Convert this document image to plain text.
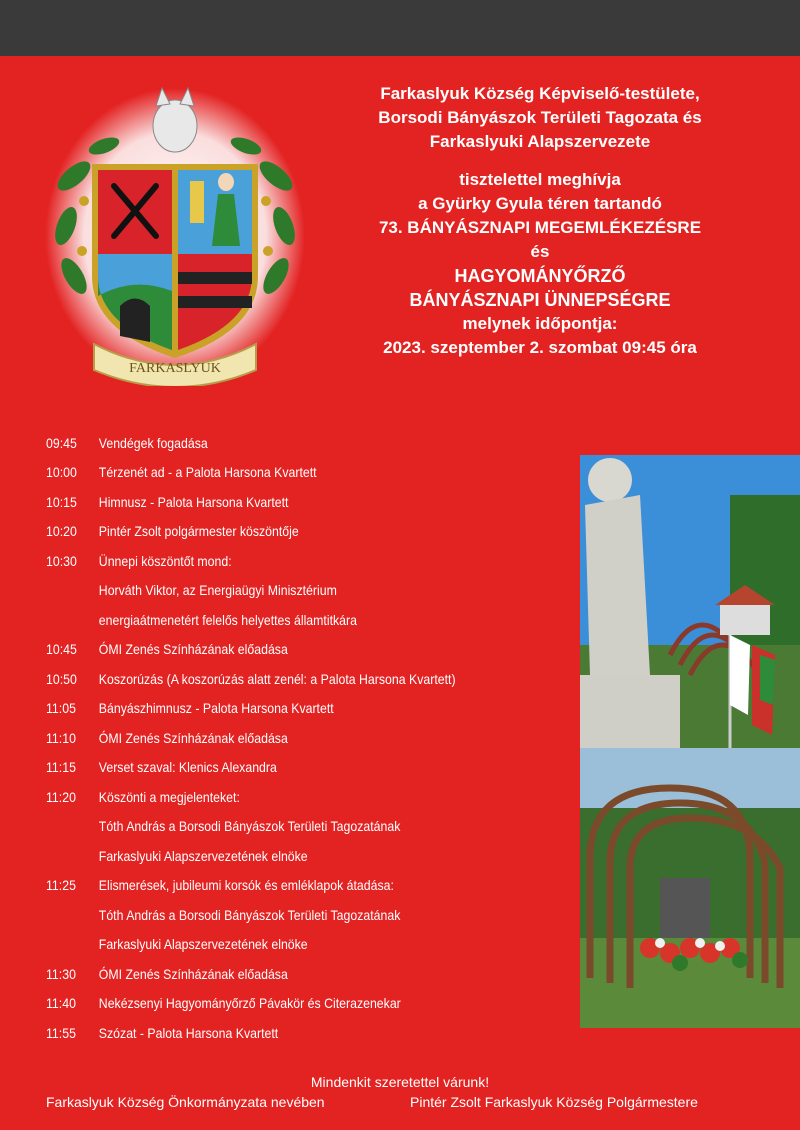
FARKASLYUK
Farkaslyuk Község Képviselő-testülete,
Borsodi Bányászok Területi Tagozata és
Farkaslyuki Alapszervezete
tisztelettel meghívja
a Gyürky Gyula téren tartandó
73. BÁNYÁSZNAPI MEGEMLÉKEZÉSRE
és
HAGYOMÁNYŐRZŐ
BÁNYÁSZNAPI ÜNNEPSÉGRE
melynek időpontja:
2023. szeptember 2. szombat 09:45 óra
09:45	Vendégek fogadása
10:00	Térzenét ad - a Palota Harsona Kvartett
10:15	Himnusz - Palota Harsona Kvartett
10:20	Pintér Zsolt polgármester köszöntője
10:30	Ünnepi köszöntőt mond:
Horváth Viktor, az Energiaügyi Minisztérium
energiaátmenetért felelős helyettes államtitkára
10:45	ÓMI Zenés Színházának előadása
10:50	Koszorúzás (A koszorúzás alatt zenél: a Palota Harsona Kvartett)
11:05	Bányászhimnusz - Palota Harsona Kvartett
11:10	ÓMI Zenés Színházának előadása
11:15	Verset szaval: Klenics Alexandra
11:20	Köszönti a megjelenteket:
Tóth András a Borsodi Bányászok Területi Tagozatának
Farkaslyuki Alapszervezetének elnöke
11:25	Elismerések, jubileumi korsók és emléklapok átadása:
Tóth András a Borsodi Bányászok Területi Tagozatának
Farkaslyuki Alapszervezetének elnöke
11:30	ÓMI Zenés Színházának előadása
11:40	Nekézsenyi Hagyományőrző Pávakör és Citerazenekar
11:55	Szózat - Palota Harsona Kvartett
Mindenkit szeretettel várunk!
Farkaslyuk Község Önkormányzata nevében	Pintér Zsolt Farkaslyuk Község Polgármestere
